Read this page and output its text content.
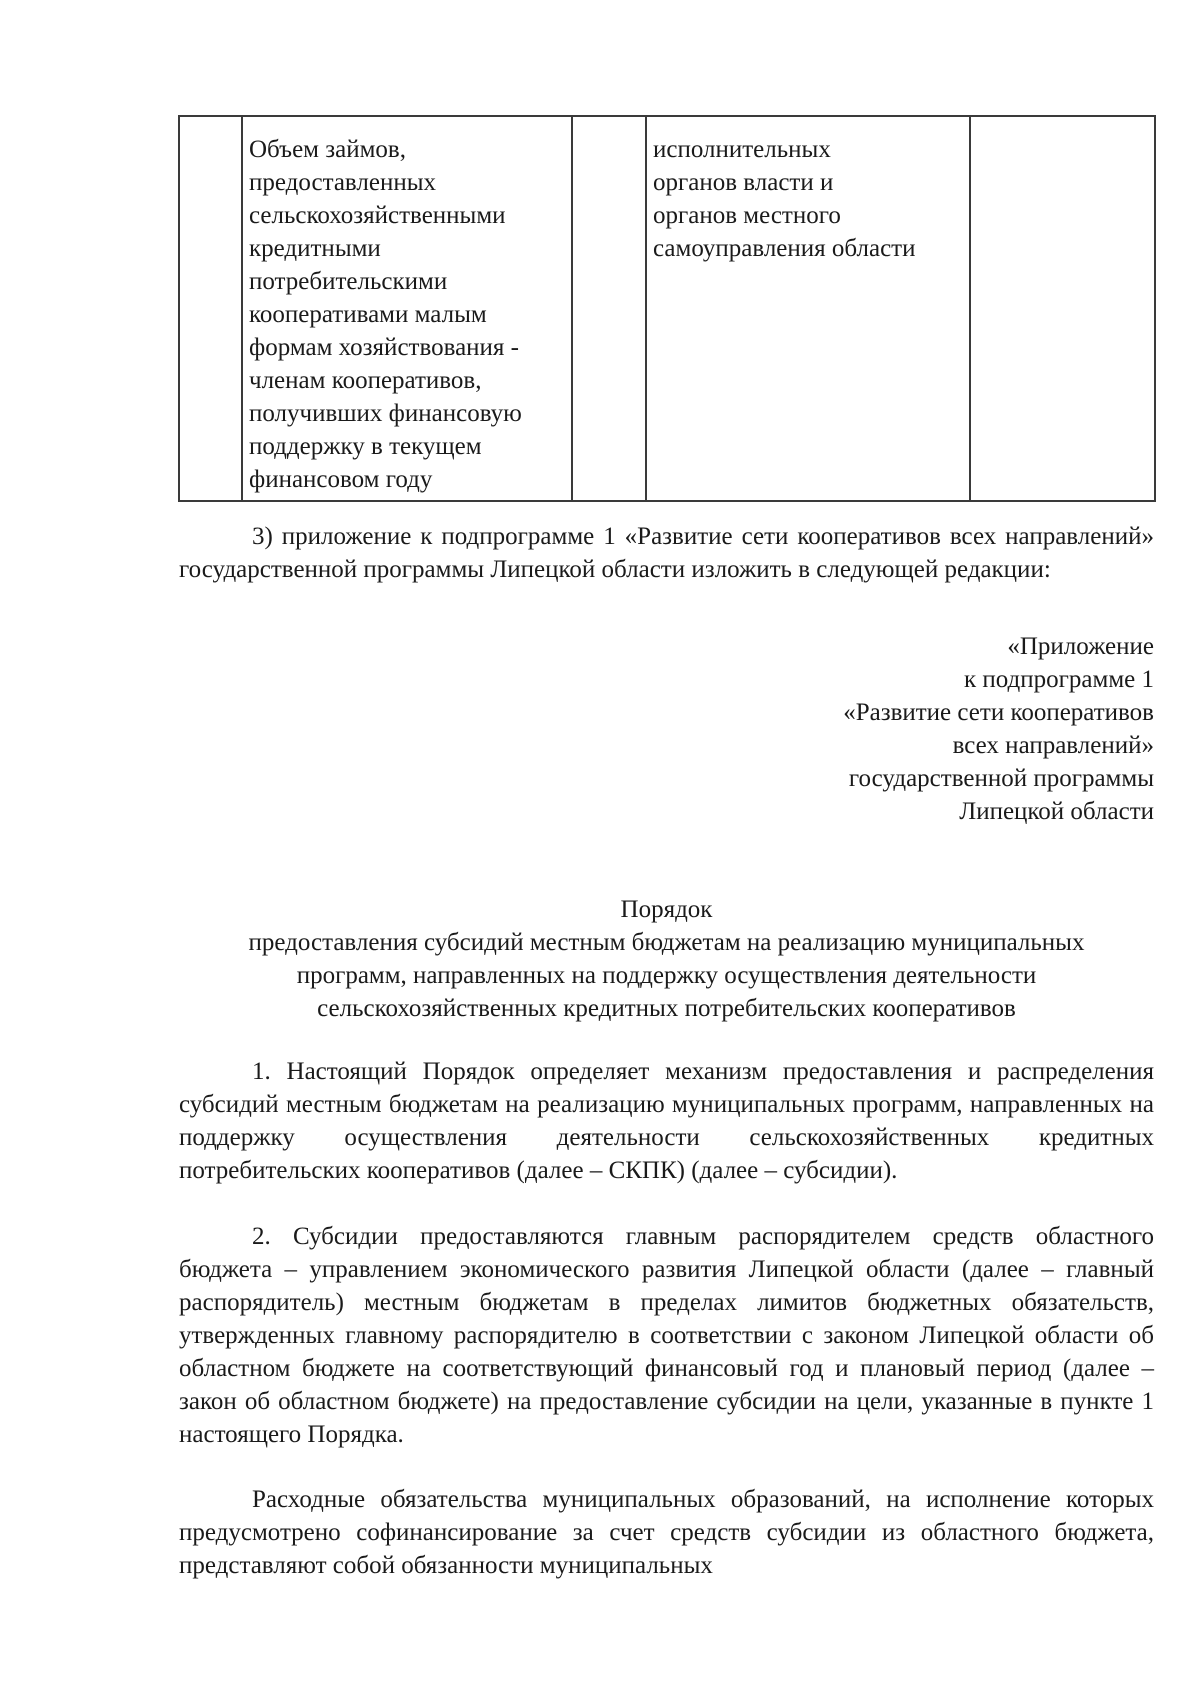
	Объем займов,
предоставленных
сельскохозяйственными
кредитными
потребительскими
кооперативами малым
формам хозяйствования -
членам кооперативов,
получивших финансовую
поддержку в текущем
финансовом году		исполнительных
органов власти и
органов местного
самоуправления области	

3) приложение к подпрограмме 1 «Развитие сети кооперативов всех направлений» государственной программы Липецкой области изложить в следующей редакции:

«Приложение
к подпрограмме 1
«Развитие сети кооперативов
всех направлений»
государственной программы
Липецкой области
Порядок
предоставления субсидий местным бюджетам на реализацию муниципальных
программ, направленных на поддержку осуществления деятельности
сельскохозяйственных кредитных потребительских кооперативов

1. Настоящий Порядок определяет механизм предоставления и распределения субсидий местным бюджетам на реализацию муниципальных программ, направленных на поддержку осуществления деятельности сельскохозяйственных кредитных потребительских кооперативов (далее – СКПК) (далее – субсидии).

2. Субсидии предоставляются главным распорядителем средств областного бюджета – управлением экономического развития Липецкой области (далее – главный распорядитель) местным бюджетам в пределах лимитов бюджетных обязательств, утвержденных главному распорядителю в соответствии с законом Липецкой области об областном бюджете на соответствующий финансовый год и плановый период (далее – закон об областном бюджете) на предоставление субсидии на цели, указанные в пункте 1 настоящего Порядка.

Расходные обязательства муниципальных образований, на исполнение которых предусмотрено софинансирование за счет средств субсидии из областного бюджета, представляют собой обязанности муниципальных
